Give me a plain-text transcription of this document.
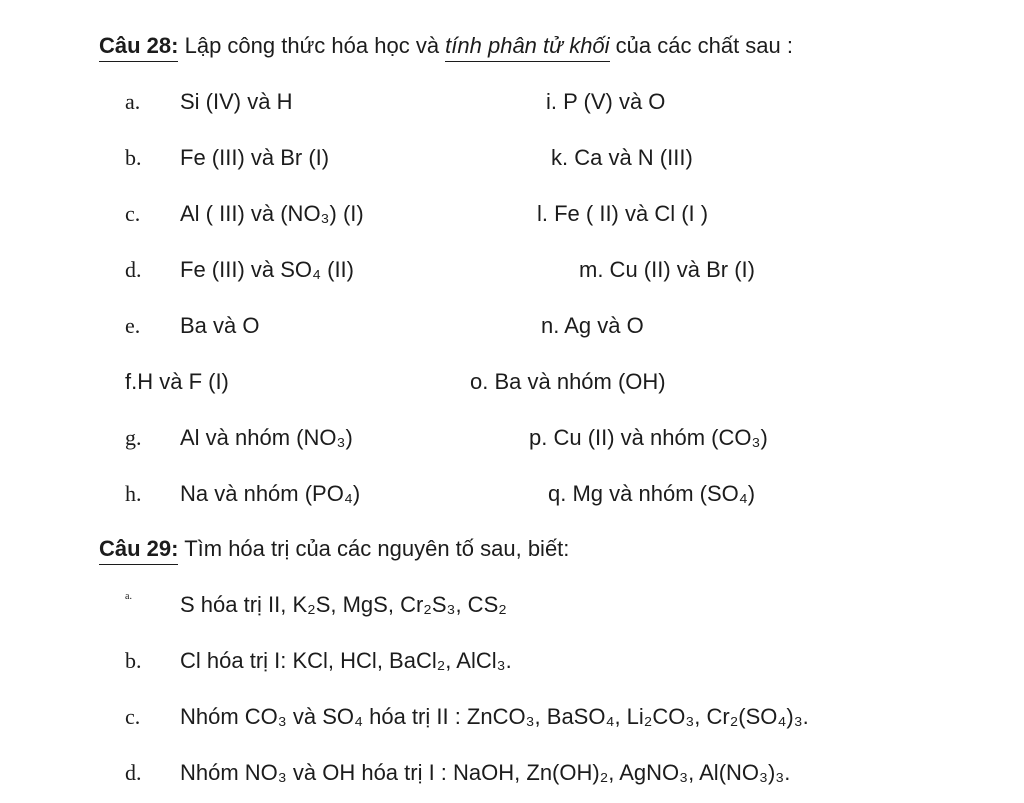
Câu 28: Lập công thức hóa học và tính phân tử khối của các chất sau :
a. Si (IV) và H
b. Fe (III) và Br (I)
c. Al ( III) và (NO₃) (I)
d. Fe (III) và SO₄ (II)
e. Ba và O
f.H và F (I)
g. Al và nhóm (NO₃)
h. Na và nhóm (PO₄)
i. P (V) và O
k. Ca và N (III)
l. Fe ( II) và Cl (I )
m. Cu (II) và Br (I)
n. Ag và O
o. Ba và nhóm (OH)
p. Cu (II) và nhóm (CO₃)
q. Mg và nhóm (SO₄)
Câu 29: Tìm hóa trị của các nguyên tố sau, biết:
a. S hóa trị II, K₂S, MgS, Cr₂S₃, CS₂
b. Cl hóa trị I: KCl, HCl, BaCl₂, AlCl₃.
c. Nhóm CO₃ và SO₄ hóa trị II : ZnCO₃, BaSO₄, Li₂CO₃, Cr₂(SO₄)₃.
d. Nhóm NO₃ và OH hóa trị I : NaOH, Zn(OH)₂, AgNO₃, Al(NO₃)₃.
